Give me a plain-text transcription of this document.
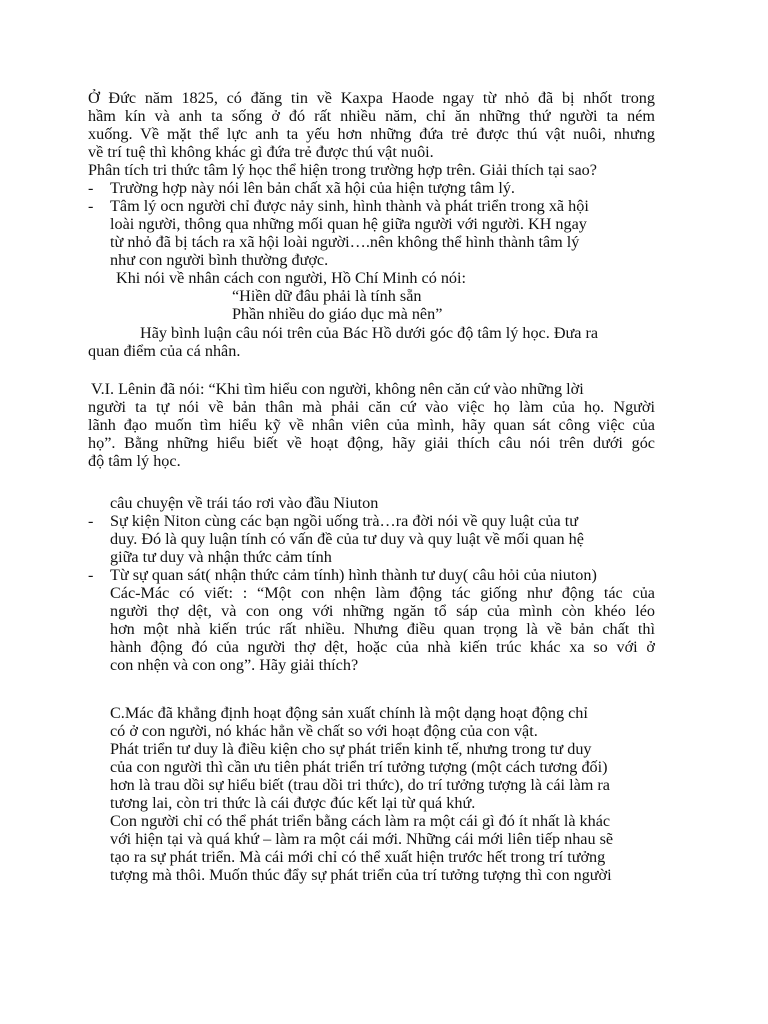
Ở Đức năm 1825, có đăng tin về Kaxpa Haode ngay từ nhỏ đã bị nhốt trong

hầm kín và anh ta sống ở đó rất nhiều năm, chỉ ăn những thứ người ta ném

xuống. Về mặt thể lực anh ta yếu hơn những đứa trẻ được thú vật nuôi, nhưng

về trí tuệ thì không khác gì đứa trẻ được thú vật nuôi.

Phân tích tri thức tâm lý học thể hiện trong trường hợp trên. Giải thích tại sao?

- Trường hợp này nói lên bản chất xã hội của hiện tượng tâm lý.

- Tâm lý ocn người chỉ được nảy sinh, hình thành và phát triển trong xã hội

loài người, thông qua những mối quan hệ giữa người với người. KH ngay

từ nhỏ đã bị tách ra xã hội loài người….nên không thể hình thành tâm lý

như con người bình thường được.

Khi nói về nhân cách con người, Hồ Chí Minh có nói:

“Hiền dữ đâu phải là tính sẵn

Phần nhiều do giáo dục mà nên”

Hãy bình luận câu nói trên của Bác Hồ dưới góc độ tâm lý học. Đưa ra

quan điểm của cá nhân.

V.I. Lênin đã nói: “Khi tìm hiểu con người, không nên căn cứ vào những lời

người ta tự nói về bản thân mà phải căn cứ vào việc họ làm của họ. Người

lãnh đạo muốn tìm hiểu kỹ về nhân viên của mình, hãy quan sát công việc của

họ”. Bằng những hiểu biết về hoạt động, hãy giải thích câu nói trên dưới góc

độ tâm lý học.

câu chuyện về trái táo rơi vào đầu Niuton

- Sự kiện Niton cùng các bạn ngồi uống trà…ra đời nói về quy luật của tư

duy. Đó là quy luận tính có vấn đề của tư duy và quy luật về mối quan hệ

giữa tư duy và nhận thức cảm tính

- Từ sự quan sát( nhận thức cảm tính) hình thành tư duy( câu hỏi của niuton)

Các-Mác có viết: : “Một con nhện làm động tác giống như động tác của

người thợ dệt, và con ong với những ngăn tổ sáp của mình còn khéo léo

hơn một nhà kiến trúc rất nhiều. Nhưng điều quan trọng là về bản chất thì

hành động đó của người thợ dệt, hoặc của nhà kiến trúc khác xa so với ở

con nhện và con ong”. Hãy giải thích?

C.Mác đã khẳng định hoạt động sản xuất chính là một dạng hoạt động chỉ

có ở con người, nó khác hẳn về chất so với hoạt động của con vật.

Phát triển tư duy là điều kiện cho sự phát triển kinh tế, nhưng trong tư duy

của con người thì cần ưu tiên phát triển trí tưởng tượng (một cách tương đối)

hơn là trau dồi sự hiểu biết (trau dồi tri thức), do trí tưởng tượng là cái làm ra

tương lai, còn tri thức là cái được đúc kết lại từ quá khứ.

Con người chỉ có thể phát triển bằng cách làm ra một cái gì đó ít nhất là khác

với hiện tại và quá khứ – làm ra một cái mới. Những cái mới liên tiếp nhau sẽ

tạo ra sự phát triển. Mà cái mới chỉ có thể xuất hiện trước hết trong trí tưởng

tượng mà thôi. Muốn thúc đẩy sự phát triển của trí tưởng tượng thì con người
